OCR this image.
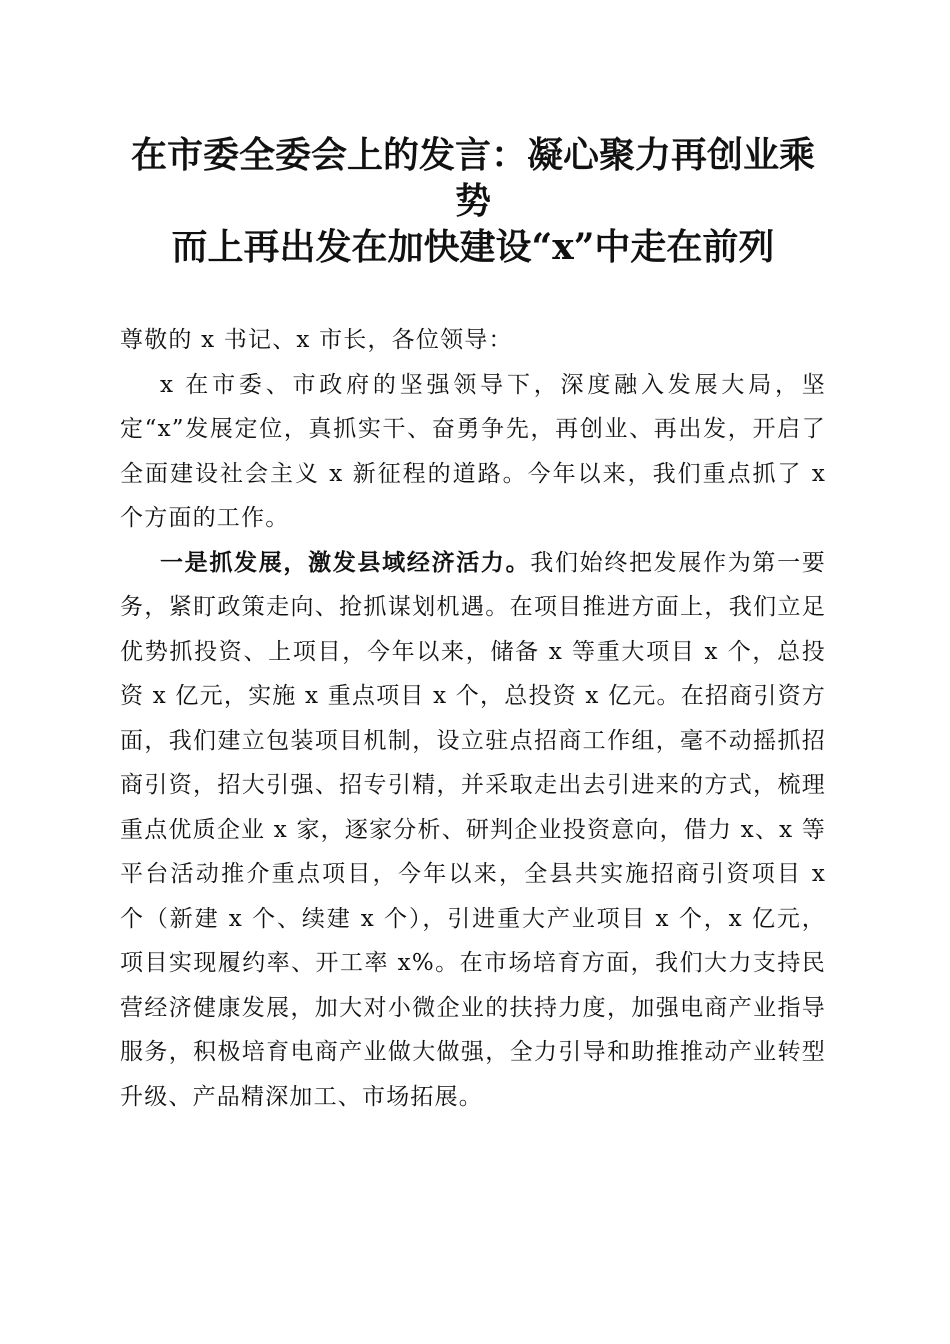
在市委全委会上的发言：凝心聚力再创业乘势
而上再出发在加快建设“x”中走在前列

尊敬的 x 书记、x 市长，各位领导：

x 在市委、市政府的坚强领导下，深度融入发展大局，坚定“x”发展定位，真抓实干、奋勇争先，再创业、再出发，开启了全面建设社会主义 x 新征程的道路。今年以来，我们重点抓了 x 个方面的工作。

一是抓发展，激发县域经济活力。我们始终把发展作为第一要务，紧盯政策走向、抢抓谋划机遇。在项目推进方面上，我们立足优势抓投资、上项目，今年以来，储备 x 等重大项目 x 个，总投资 x 亿元，实施 x 重点项目 x 个，总投资 x 亿元。在招商引资方面，我们建立包装项目机制，设立驻点招商工作组，毫不动摇抓招商引资，招大引强、招专引精，并采取走出去引进来的方式，梳理重点优质企业 x 家，逐家分析、研判企业投资意向，借力 x、x 等平台活动推介重点项目，今年以来，全县共实施招商引资项目 x 个（新建 x 个、续建 x 个），引进重大产业项目 x 个，x 亿元，项目实现履约率、开工率 x%。在市场培育方面，我们大力支持民营经济健康发展，加大对小微企业的扶持力度，加强电商产业指导服务，积极培育电商产业做大做强，全力引导和助推推动产业转型升级、产品精深加工、市场拓展。
